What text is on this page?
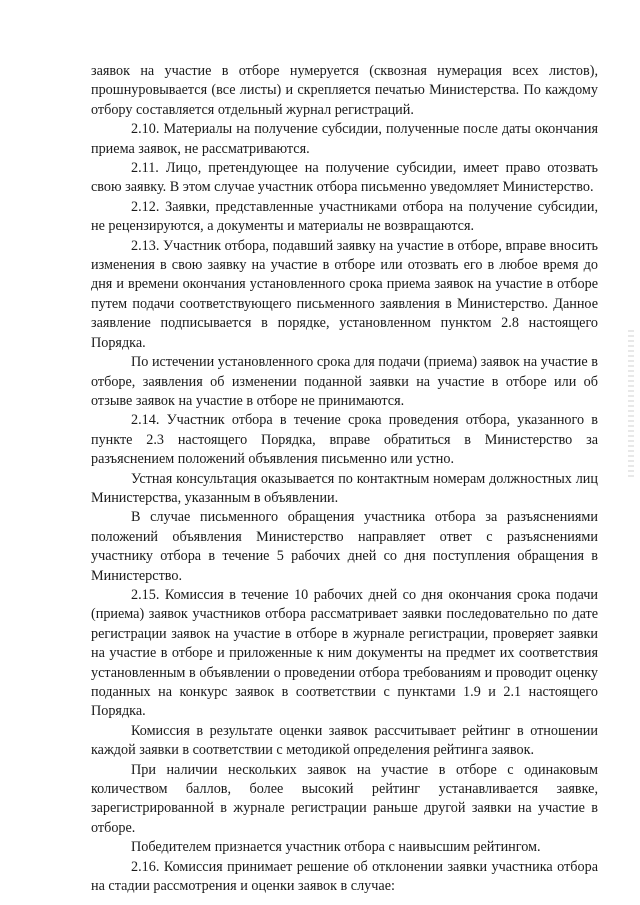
заявок на участие в отборе нумеруется (сквозная нумерация всех листов), прошнуровывается (все листы) и скрепляется печатью Министерства. По каждому отбору составляется отдельный журнал регистраций.

2.10. Материалы на получение субсидии, полученные после даты окончания приема заявок, не рассматриваются.

2.11. Лицо, претендующее на получение субсидии, имеет право отозвать свою заявку. В этом случае участник отбора письменно уведомляет Министерство.

2.12. Заявки, представленные участниками отбора на получение субсидии, не рецензируются, а документы и материалы не возвращаются.

2.13. Участник отбора, подавший заявку на участие в отборе, вправе вносить изменения в свою заявку на участие в отборе или отозвать его в любое время до дня и времени окончания установленного срока приема заявок на участие в отборе путем подачи соответствующего письменного заявления в Министерство. Данное заявление подписывается в порядке, установленном пунктом 2.8 настоящего Порядка.

По истечении установленного срока для подачи (приема) заявок на участие в отборе, заявления об изменении поданной заявки на участие в отборе или об отзыве заявок на участие в отборе не принимаются.

2.14. Участник отбора в течение срока проведения отбора, указанного в пункте 2.3 настоящего Порядка, вправе обратиться в Министерство за разъяснением положений объявления письменно или устно.

Устная консультация оказывается по контактным номерам должностных лиц Министерства, указанным в объявлении.

В случае письменного обращения участника отбора за разъяснениями положений объявления Министерство направляет ответ с разъяснениями участнику отбора в течение 5 рабочих дней со дня поступления обращения в Министерство.

2.15. Комиссия в течение 10 рабочих дней со дня окончания срока подачи (приема) заявок участников отбора рассматривает заявки последовательно по дате регистрации заявок на участие в отборе в журнале регистрации, проверяет заявки на участие в отборе и приложенные к ним документы на предмет их соответствия установленным в объявлении о проведении отбора требованиям и проводит оценку поданных на конкурс заявок в соответствии с пунктами 1.9 и 2.1 настоящего Порядка.

Комиссия в результате оценки заявок рассчитывает рейтинг в отношении каждой заявки в соответствии с методикой определения рейтинга заявок.

При наличии нескольких заявок на участие в отборе с одинаковым количеством баллов, более высокий рейтинг устанавливается заявке, зарегистрированной в журнале регистрации раньше другой заявки на участие в отборе.

Победителем признается участник отбора с наивысшим рейтингом.

2.16. Комиссия принимает решение об отклонении заявки участника отбора на стадии рассмотрения и оценки заявок в случае:
